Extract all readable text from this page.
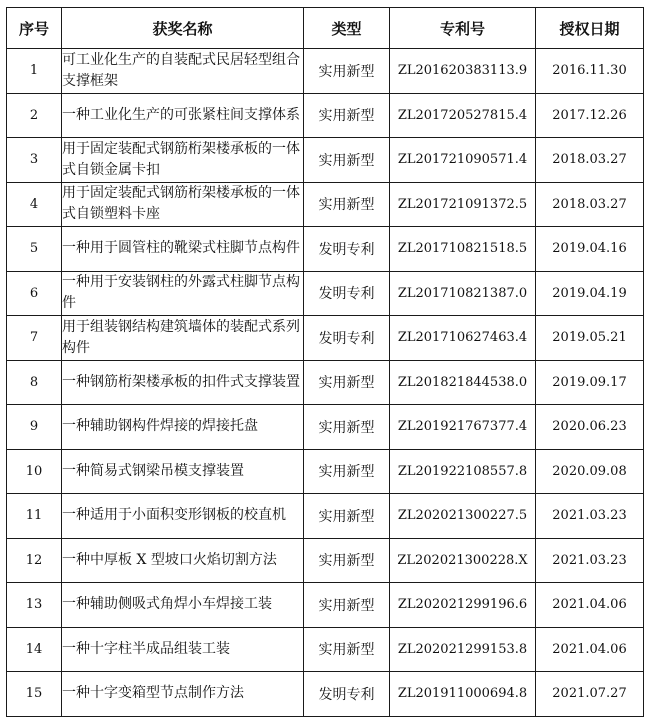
序号	获奖名称	类型	专利号	授权日期
1	可工业化生产的自装配式民居轻型组合支撑框架	实用新型	ZL201620383113.9	2016.11.30
2	一种工业化生产的可张紧柱间支撑体系	实用新型	ZL201720527815.4	2017.12.26
3	用于固定装配式钢筋桁架楼承板的一体式自锁金属卡扣	实用新型	ZL201721090571.4	2018.03.27
4	用于固定装配式钢筋桁架楼承板的一体式自锁塑料卡座	实用新型	ZL201721091372.5	2018.03.27
5	一种用于圆管柱的靴梁式柱脚节点构件	发明专利	ZL201710821518.5	2019.04.16
6	一种用于安装钢柱的外露式柱脚节点构件	发明专利	ZL201710821387.0	2019.04.19
7	用于组装钢结构建筑墙体的装配式系列构件	发明专利	ZL201710627463.4	2019.05.21
8	一种钢筋桁架楼承板的扣件式支撑装置	实用新型	ZL201821844538.0	2019.09.17
9	一种辅助钢构件焊接的焊接托盘	实用新型	ZL201921767377.4	2020.06.23
10	一种简易式钢梁吊模支撑装置	实用新型	ZL201922108557.8	2020.09.08
11	一种适用于小面积变形钢板的校直机	实用新型	ZL202021300227.5	2021.03.23
12	一种中厚板 X 型坡口火焰切割方法	实用新型	ZL202021300228.X	2021.03.23
13	一种辅助侧吸式角焊小车焊接工装	实用新型	ZL202021299196.6	2021.04.06
14	一种十字柱半成品组装工装	实用新型	ZL202021299153.8	2021.04.06
15	一种十字变箱型节点制作方法	发明专利	ZL201911000694.8	2021.07.27
